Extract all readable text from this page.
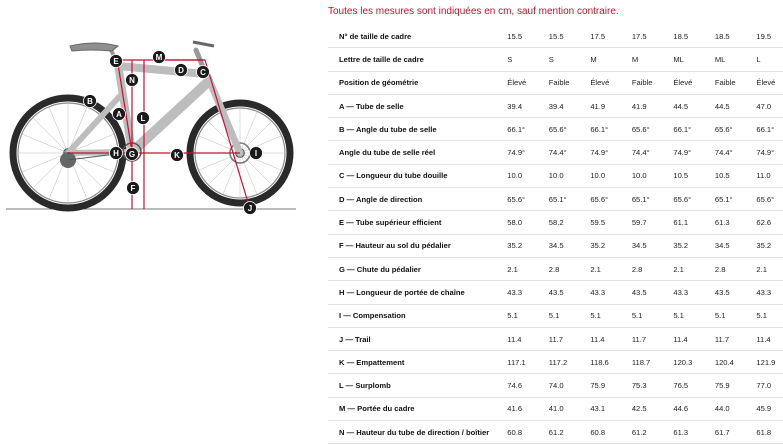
A
B
D C
E
F
G
H	I
J
K
L
M
N
Toutes les mesures sont indiquées en cm, sauf mention contraire.
N° de taille de cadre	15.5	15.5	17.5	17.5	18.5	18.5	19.5
Lettre de taille de cadre	S	S	M	M	ML	ML	L
Position de géométrie	Élevé	Faible	Élevé	Faible	Élevé	Faible	Élevé
A — Tube de selle	39.4	39.4	41.9	41.9	44.5	44.5	47.0
B — Angle du tube de selle	66.1°	65.6°	66.1°	65.6°	66.1°	65.6°	66.1°
Angle du tube de selle réel	74.9°	74.4°	74.9°	74.4°	74.9°	74.4°	74.9°
C — Longueur du tube douille	10.0	10.0	10.0	10.0	10.5	10.5	11.0
D — Angle de direction	65.6°	65.1°	65.6°	65.1°	65.6°	65.1°	65.6°
E — Tube supérieur efficient	58.0	58.2	59.5	59.7	61.1	61.3	62.6
F — Hauteur au sol du pédalier	35.2	34.5	35.2	34.5	35.2	34.5	35.2
G — Chute du pédalier	2.1	2.8	2.1	2.8	2.1	2.8	2.1
H — Longueur de portée de chaîne	43.3	43.5	43.3	43.5	43.3	43.5	43.3
I — Compensation	5.1	5.1	5.1	5.1	5.1	5.1	5.1
J — Trail	11.4	11.7	11.4	11.7	11.4	11.7	11.4
K — Empattement	117.1	117.2	118.6	118.7	120.3	120.4	121.9
L — Surplomb	74.6	74.0	75.9	75.3	76.5	75.9	77.0
M — Portée du cadre	41.6	41.0	43.1	42.5	44.6	44.0	45.9
N — Hauteur du tube de direction / boîtier	60.8	61.2	60.8	61.2	61.3	61.7	61.8
